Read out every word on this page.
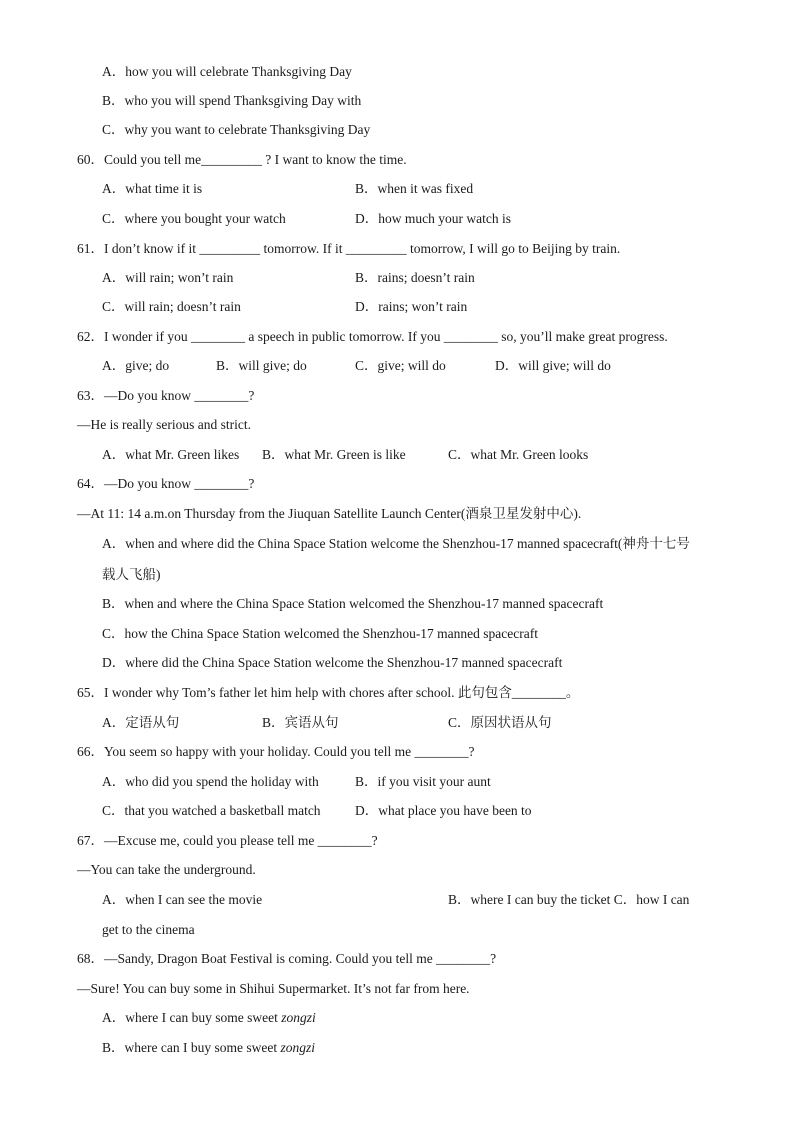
A．how you will celebrate Thanksgiving Day
B．who you will spend Thanksgiving Day with
C．why you want to celebrate Thanksgiving Day
60．Could you tell me_________ ? I want to know the time.
A．what time it is	B．when it was fixed
C．where you bought your watch	D．how much your watch is
61．I don’t know if it _________ tomorrow. If it _________ tomorrow, I will go to Beijing by train.
A．will rain; won’t rain	B．rains; doesn’t rain
C．will rain; doesn’t rain	D．rains; won’t rain
62．I wonder if you ________ a speech in public tomorrow. If you ________ so, you’ll make great progress.
A．give; do	B．will give; do	C．give; will do	D．will give; will do
63．—Do you know ________?
—He is really serious and strict.
A．what Mr. Green likes B．what Mr. Green is like	C．what Mr. Green looks
64．—Do you know ________?
—At 11: 14 a.m.on Thursday from the Jiuquan Satellite Launch Center(酒泉卫星发射中心).
A．when and where did the China Space Station welcome the Shenzhou-17 manned spacecraft(神舟十七号
载人飞船)
B．when and where the China Space Station welcomed the Shenzhou-17 manned spacecraft
C．how the China Space Station welcomed the Shenzhou-17 manned spacecraft
D．where did the China Space Station welcome the Shenzhou-17 manned spacecraft
65．I wonder why Tom’s father let him help with chores after school. 此句包含________。
A．定语从句	B．宾语从句	C．原因状语从句
66．You seem so happy with your holiday. Could you tell me ________?
A．who did you spend the holiday with	B．if you visit your aunt
C．that you watched a basketball match	D．what place you have been to
67．—Excuse me, could you please tell me ________?
—You can take the underground.
A．when I can see the movie	B．where I can buy the ticket C．how I can
get to the cinema
68．—Sandy, Dragon Boat Festival is coming. Could you tell me ________?
—Sure! You can buy some in Shihui Supermarket. It’s not far from here.
A．where I can buy some sweet zongzi
B．where can I buy some sweet zongzi
